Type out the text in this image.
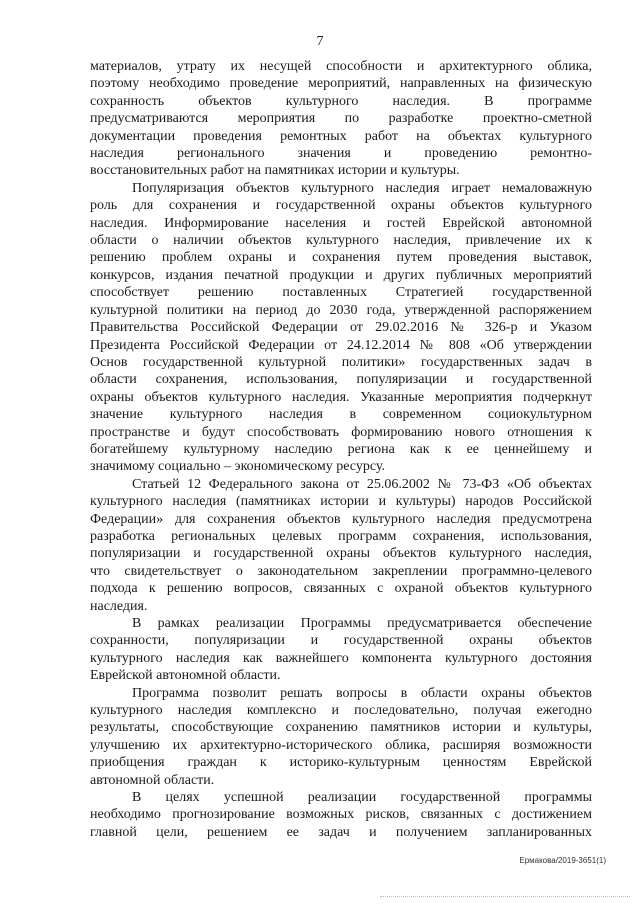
7

материалов, утрату их несущей способности и архитектурного облика,

поэтому необходимо проведение мероприятий, направленных на физическую

сохранность объектов культурного наследия. В программе

предусматриваются мероприятия по разработке проектно-сметной

документации проведения ремонтных работ на объектах культурного

наследия регионального значения и проведению ремонтно-

восстановительных работ на памятниках истории и культуры.

Популяризация объектов культурного наследия играет немаловажную

роль для сохранения и государственной охраны объектов культурного

наследия. Информирование населения и гостей Еврейской автономной

области о наличии объектов культурного наследия, привлечение их к

решению проблем охраны и сохранения путем проведения выставок,

конкурсов, издания печатной продукции и других публичных мероприятий

способствует решению поставленных Стратегией государственной

культурной политики на период до 2030 года, утвержденной распоряжением

Правительства Российской Федерации от 29.02.2016 № 326-р и Указом

Президента Российской Федерации от 24.12.2014 № 808 «Об утверждении

Основ государственной культурной политики» государственных задач в

области сохранения, использования, популяризации и государственной

охраны объектов культурного наследия. Указанные мероприятия подчеркнут

значение культурного наследия в современном социокультурном

пространстве и будут способствовать формированию нового отношения к

богатейшему культурному наследию региона как к ее ценнейшему и

значимому социально – экономическому ресурсу.

Статьей 12 Федерального закона от 25.06.2002 № 73-ФЗ «Об объектах

культурного наследия (памятниках истории и культуры) народов Российской

Федерации» для сохранения объектов культурного наследия предусмотрена

разработка региональных целевых программ сохранения, использования,

популяризации и государственной охраны объектов культурного наследия,

что свидетельствует о законодательном закреплении программно-целевого

подхода к решению вопросов, связанных с охраной объектов культурного

наследия.

В рамках реализации Программы предусматривается обеспечение

сохранности, популяризации и государственной охраны объектов

культурного наследия как важнейшего компонента культурного достояния

Еврейской автономной области.

Программа позволит решать вопросы в области охраны объектов

культурного наследия комплексно и последовательно, получая ежегодно

результаты, способствующие сохранению памятников истории и культуры,

улучшению их архитектурно-исторического облика, расширяя возможности

приобщения граждан к историко-культурным ценностям Еврейской

автономной области.

В целях успешной реализации государственной программы

необходимо прогнозирование возможных рисков, связанных с достижением

главной цели, решением ее задач и получением запланированных

Ермакова/2019-3651(1)
